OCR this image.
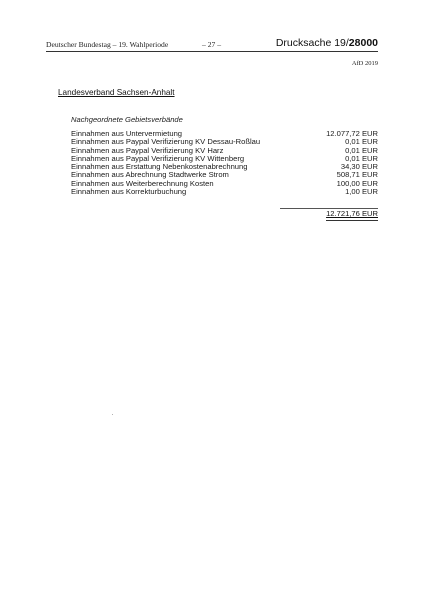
Deutscher Bundestag – 19. Wahlperiode	– 27 –	Drucksache 19/28000
AfD 2019
Landesverband Sachsen-Anhalt
Nachgeordnete Gebietsverbände
Einnahmen aus Untervermietung	12.077,72 EUR
Einnahmen aus Paypal Verifizierung KV Dessau-Roßlau	0,01 EUR
Einnahmen aus Paypal Verifizierung KV Harz	0,01 EUR
Einnahmen aus Paypal Verifizierung KV Wittenberg	0,01 EUR
Einnahmen aus Erstattung Nebenkostenabrechnung	34,30 EUR
Einnahmen aus Abrechnung Stadtwerke Strom	508,71 EUR
Einnahmen aus Weiterberechnung Kosten	100,00 EUR
Einnahmen aus Korrekturbuchung	1,00 EUR
12.721,76 EUR
